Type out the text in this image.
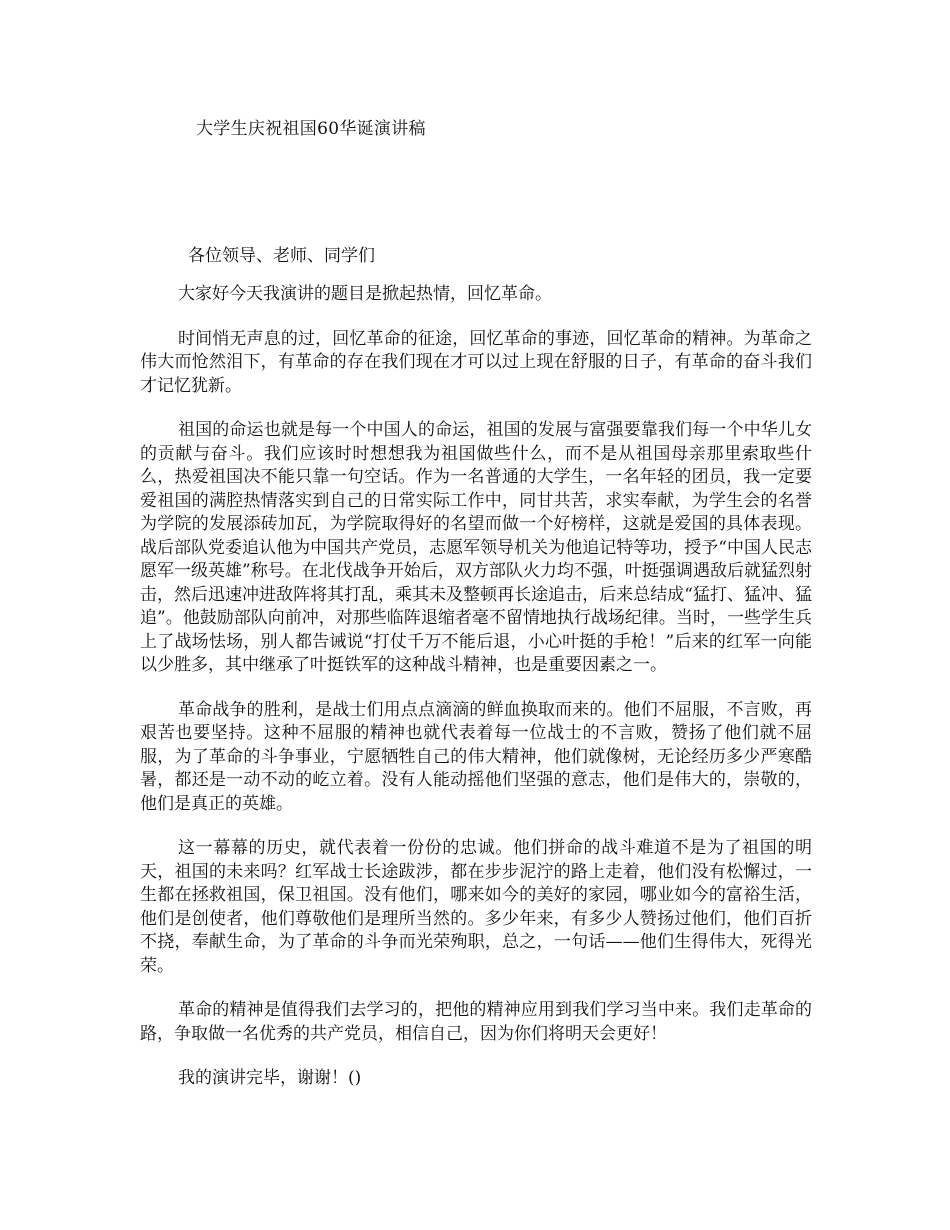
大学生庆祝祖国60华诞演讲稿

各位领导、老师、同学们

大家好今天我演讲的题目是掀起热情，回忆革命。

时间悄无声息的过，回忆革命的征途，回忆革命的事迹，回忆革命的精神。为革命之伟大而怆然泪下，有革命的存在我们现在才可以过上现在舒服的日子，有革命的奋斗我们才记忆犹新。

祖国的命运也就是每一个中国人的命运，祖国的发展与富强要靠我们每一个中华儿女的贡献与奋斗。我们应该时时想想我为祖国做些什么，而不是从祖国母亲那里索取些什么，热爱祖国决不能只靠一句空话。作为一名普通的大学生，一名年轻的团员，我一定要爱祖国的满腔热情落实到自己的日常实际工作中，同甘共苦，求实奉献，为学生会的名誉为学院的发展添砖加瓦，为学院取得好的名望而做一个好榜样，这就是爱国的具体表现。战后部队党委追认他为中国共产党员，志愿军领导机关为他追记特等功，授予“中国人民志愿军一级英雄”称号。在北伐战争开始后，双方部队火力均不强，叶挺强调遇敌后就猛烈射击，然后迅速冲进敌阵将其打乱，乘其未及整顿再长途追击，后来总结成“猛打、猛冲、猛追”。他鼓励部队向前冲，对那些临阵退缩者毫不留情地执行战场纪律。当时，一些学生兵上了战场怯场，别人都告诫说“打仗千万不能后退，小心叶挺的手枪！”后来的红军一向能以少胜多，其中继承了叶挺铁军的这种战斗精神，也是重要因素之一。

革命战争的胜利，是战士们用点点滴滴的鲜血换取而来的。他们不屈服，不言败，再艰苦也要坚持。这种不屈服的精神也就代表着每一位战士的不言败，赞扬了他们就不屈服，为了革命的斗争事业，宁愿牺牲自己的伟大精神，他们就像树，无论经历多少严寒酷暑，都还是一动不动的屹立着。没有人能动摇他们坚强的意志，他们是伟大的，崇敬的，他们是真正的英雄。

这一幕幕的历史，就代表着一份份的忠诚。他们拼命的战斗难道不是为了祖国的明天，祖国的未来吗？红军战士长途跋涉，都在步步泥泞的路上走着，他们没有松懈过，一生都在拯救祖国，保卫祖国。没有他们，哪来如今的美好的家园，哪业如今的富裕生活，他们是创使者，他们尊敬他们是理所当然的。多少年来，有多少人赞扬过他们，他们百折不挠，奉献生命，为了革命的斗争而光荣殉职，总之，一句话——他们生得伟大，死得光荣。

革命的精神是值得我们去学习的，把他的精神应用到我们学习当中来。我们走革命的路，争取做一名优秀的共产党员，相信自己，因为你们将明天会更好！

我的演讲完毕，谢谢！()
